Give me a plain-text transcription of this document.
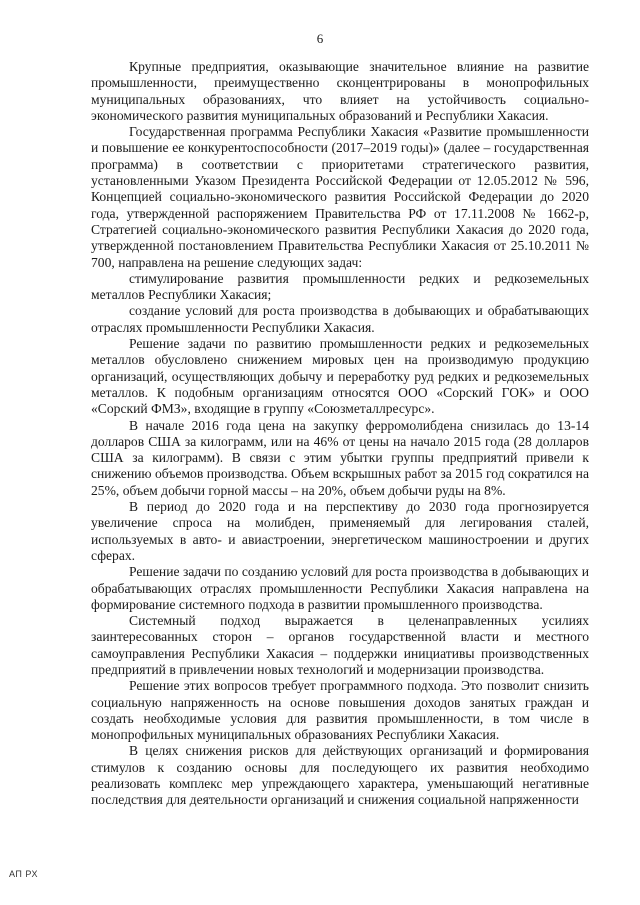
6

Крупные предприятия, оказывающие значительное влияние на развитие промышленности, преимущественно сконцентрированы в монопрофильных муниципальных образованиях, что влияет на устойчивость социально-экономического развития муниципальных образований и Республики Хакасия.

Государственная программа Республики Хакасия «Развитие промышленности и повышение ее конкурентоспособности (2017–2019 годы)» (далее – государственная программа) в соответствии с приоритетами стратегического развития, установленными Указом Президента Российской Федерации от 12.05.2012 № 596, Концепцией социально-экономического развития Российской Федерации до 2020 года, утвержденной распоряжением Правительства РФ от 17.11.2008 № 1662-р, Стратегией социально-экономического развития Республики Хакасия до 2020 года, утвержденной постановлением Правительства Республики Хакасия от 25.10.2011 № 700, направлена на решение следующих задач:

стимулирование развития промышленности редких и редкоземельных металлов Республики Хакасия;

создание условий для роста производства в добывающих и обрабатывающих отраслях промышленности Республики Хакасия.

Решение задачи по развитию промышленности редких и редкоземельных металлов обусловлено снижением мировых цен на производимую продукцию организаций, осуществляющих добычу и переработку руд редких и редкоземельных металлов. К подобным организациям относятся ООО «Сорский ГОК» и ООО «Сорский ФМЗ», входящие в группу «Союзметаллресурс».

В начале 2016 года цена на закупку ферромолибдена снизилась до 13-14 долларов США за килограмм, или на 46% от цены на начало 2015 года (28 долларов США за килограмм). В связи с этим убытки группы предприятий привели к снижению объемов производства. Объем вскрышных работ за 2015 год сократился на 25%, объем добычи горной массы – на 20%, объем добычи руды на 8%.

В период до 2020 года и на перспективу до 2030 года прогнозируется увеличение спроса на молибден, применяемый для легирования сталей, используемых в авто- и авиастроении, энергетическом машиностроении и других сферах.

Решение задачи по созданию условий для роста производства в добывающих и обрабатывающих отраслях промышленности Республики Хакасия направлена на формирование системного подхода в развитии промышленного производства.

Системный подход выражается в целенаправленных усилиях заинтересованных сторон – органов государственной власти и местного самоуправления Республики Хакасия – поддержки инициативы производственных предприятий в привлечении новых технологий и модернизации производства.

Решение этих вопросов требует программного подхода. Это позволит снизить социальную напряженность на основе повышения доходов занятых граждан и создать необходимые условия для развития промышленности, в том числе в монопрофильных муниципальных образованиях Республики Хакасия.

В целях снижения рисков для действующих организаций и формирования стимулов к созданию основы для последующего их развития необходимо реализовать комплекс мер упреждающего характера, уменьшающий негативные последствия для деятельности организаций и снижения социальной напряженности

АП РХ
